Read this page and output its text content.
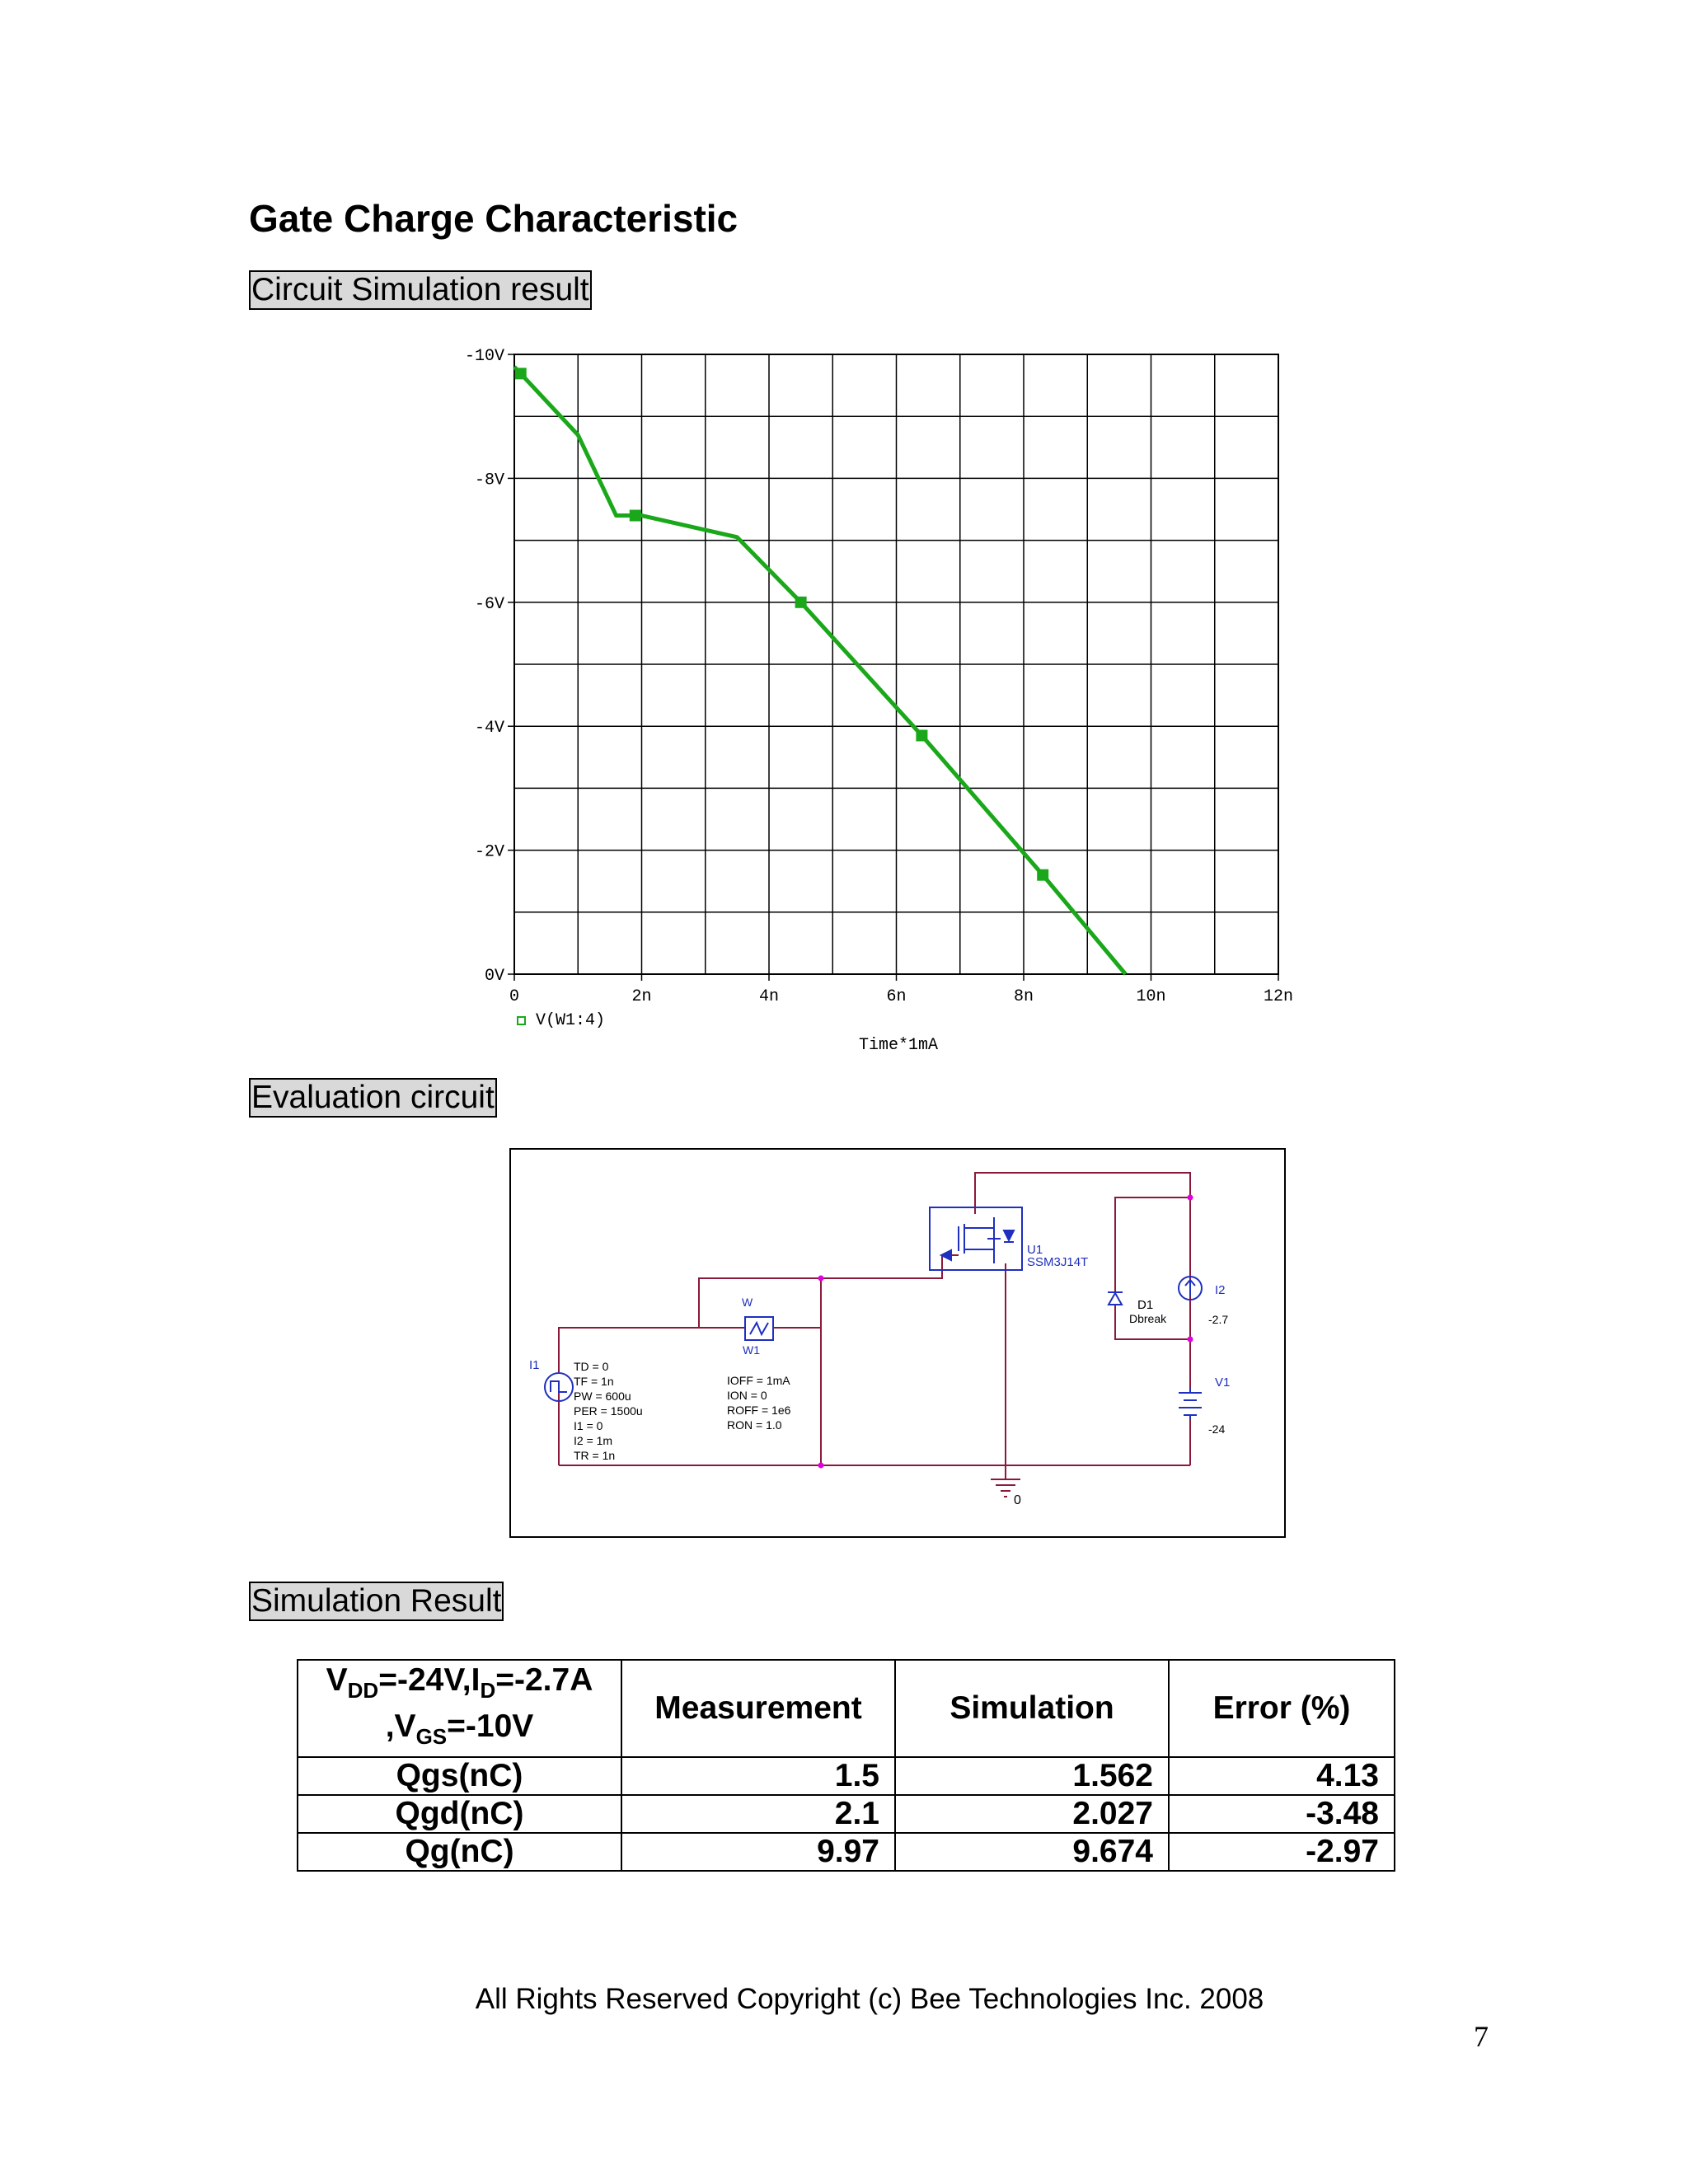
Gate Charge Characteristic
Circuit Simulation result
-10V
-8V
-6V
-4V
-2V
0V
0	2n	4n	6n	8n	10n	12n
V(W1:4)
Time*1mA
Evaluation circuit
U1
SSM3J14T
W
W1
IOFF = 1mA
ION = 0
ROFF = 1e6
RON = 1.0
I1	TD = 0
TF = 1n
PW = 600u
PER = 1500u
I1 = 0
I2 = 1m
TR = 1n
D1
Dbreak
I2
-2.7
V1
-24
0
Simulation Result
$V_{DD}=-24V,I_D=-2.7A$
$,V_{GS}=-10V$	Measurement	Simulation	Error (%)
Qgs(nC)	1.5	1.562	4.13
Qgd(nC)	2.1	2.027	-3.48
Qg(nC)	9.97	9.674	-2.97
All Rights Reserved Copyright (c) Bee Technologies Inc. 2008
7
